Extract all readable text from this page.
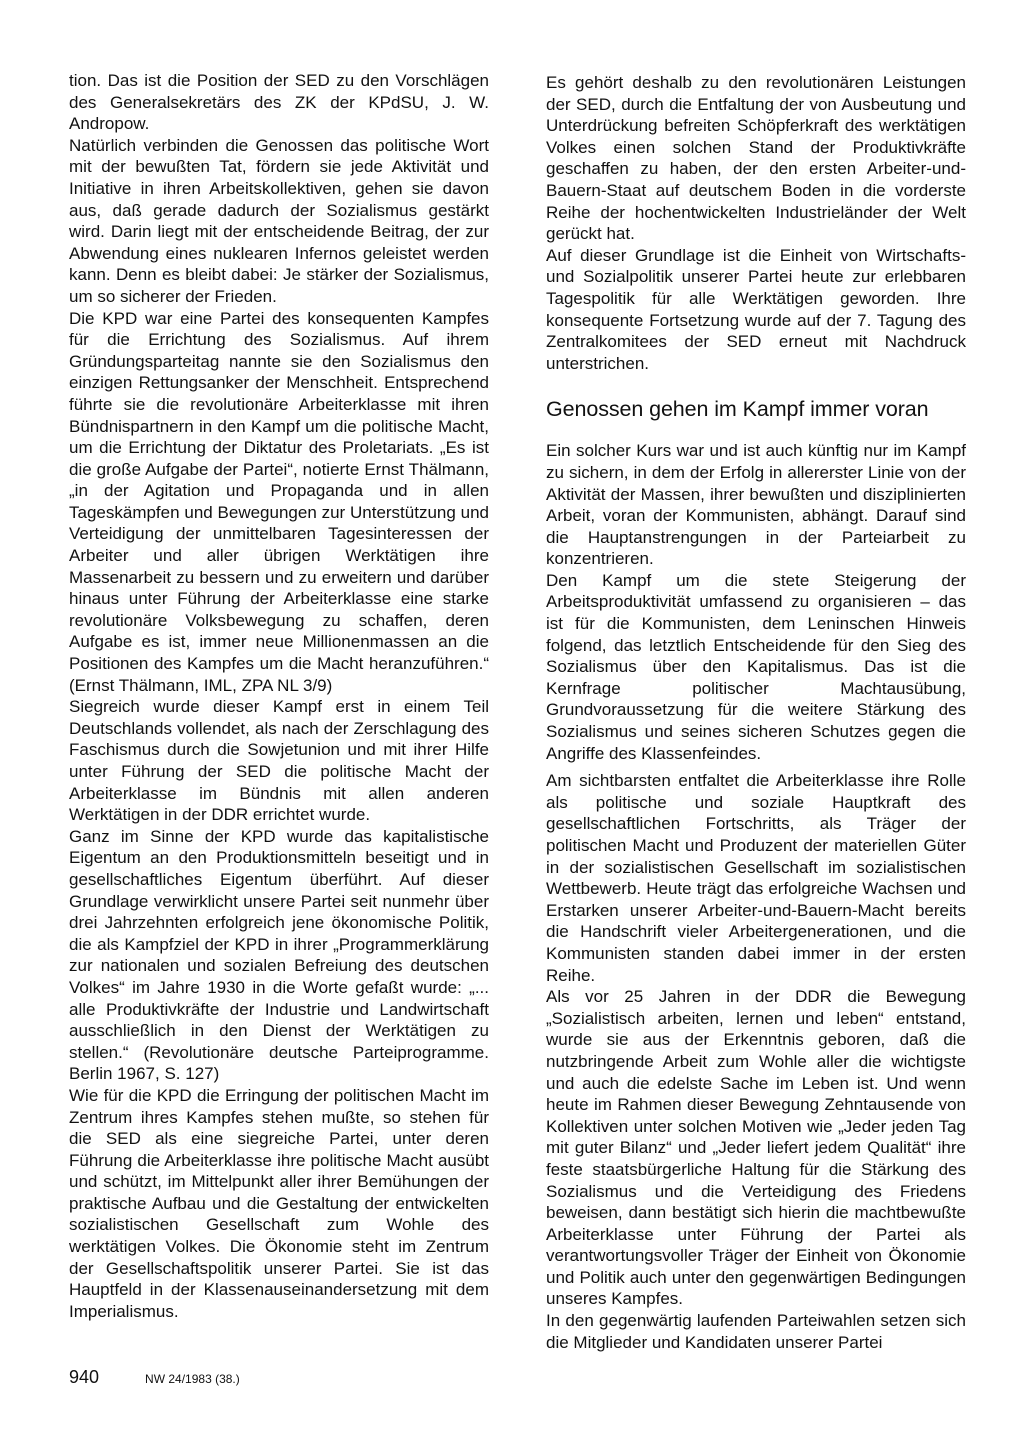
tion. Das ist die Position der SED zu den Vorschlägen des Generalsekretärs des ZK der KPdSU, J. W. Andropow.

Natürlich verbinden die Genossen das politische Wort mit der bewußten Tat, fördern sie jede Aktivität und Initiative in ihren Arbeitskollektiven, gehen sie davon aus, daß gerade dadurch der Sozialismus gestärkt wird. Darin liegt mit der entscheidende Beitrag, der zur Abwendung eines nuklearen Infernos geleistet werden kann. Denn es bleibt dabei: Je stärker der Sozialismus, um so sicherer der Frieden.

Die KPD war eine Partei des konsequenten Kampfes für die Errichtung des Sozialismus. Auf ihrem Gründungsparteitag nannte sie den Sozialismus den einzigen Rettungsanker der Menschheit. Entsprechend führte sie die revolutionäre Arbeiterklasse mit ihren Bündnispartnern in den Kampf um die politische Macht, um die Errichtung der Diktatur des Proletariats. „Es ist die große Aufgabe der Partei“, notierte Ernst Thälmann, „in der Agitation und Propaganda und in allen Tageskämpfen und Bewegungen zur Unterstützung und Verteidigung der unmittelbaren Tagesinteressen der Arbeiter und aller übrigen Werktätigen ihre Massenarbeit zu bessern und zu erweitern und darüber hinaus unter Führung der Arbeiterklasse eine starke revolutionäre Volksbewegung zu schaffen, deren Aufgabe es ist, immer neue Millionenmassen an die Positionen des Kampfes um die Macht heranzuführen.“ (Ernst Thälmann, IML, ZPA NL 3/9)

Siegreich wurde dieser Kampf erst in einem Teil Deutschlands vollendet, als nach der Zerschlagung des Faschismus durch die Sowjetunion und mit ihrer Hilfe unter Führung der SED die politische Macht der Arbeiterklasse im Bündnis mit allen anderen Werktätigen in der DDR errichtet wurde.

Ganz im Sinne der KPD wurde das kapitalistische Eigentum an den Produktionsmitteln beseitigt und in gesellschaftliches Eigentum überführt. Auf dieser Grundlage verwirklicht unsere Partei seit nunmehr über drei Jahrzehnten erfolgreich jene ökonomische Politik, die als Kampfziel der KPD in ihrer „Programmerklärung zur nationalen und sozialen Befreiung des deutschen Volkes“ im Jahre 1930 in die Worte gefaßt wurde: „... alle Produktivkräfte der Industrie und Landwirtschaft ausschließlich in den Dienst der Werktätigen zu stellen.“ (Revolutionäre deutsche Parteiprogramme. Berlin 1967, S. 127)

Wie für die KPD die Erringung der politischen Macht im Zentrum ihres Kampfes stehen mußte, so stehen für die SED als eine siegreiche Partei, unter deren Führung die Arbeiterklasse ihre politische Macht ausübt und schützt, im Mittelpunkt aller ihrer Bemühungen der praktische Aufbau und die Gestaltung der entwickelten sozialistischen Gesellschaft zum Wohle des werktätigen Volkes. Die Ökonomie steht im Zentrum der Gesellschaftspolitik unserer Partei. Sie ist das Hauptfeld in der Klassenauseinandersetzung mit dem Imperialismus.

Es gehört deshalb zu den revolutionären Leistungen der SED, durch die Entfaltung der von Ausbeutung und Unterdrückung befreiten Schöpferkraft des werktätigen Volkes einen solchen Stand der Produktivkräfte geschaffen zu haben, der den ersten Arbeiter-und-Bauern-Staat auf deutschem Boden in die vorderste Reihe der hochentwickelten Industrieländer der Welt gerückt hat.

Auf dieser Grundlage ist die Einheit von Wirtschafts- und Sozialpolitik unserer Partei heute zur erlebbaren Tagespolitik für alle Werktätigen geworden. Ihre konsequente Fortsetzung wurde auf der 7. Tagung des Zentralkomitees der SED erneut mit Nachdruck unterstrichen.

Genossen gehen im Kampf immer voran

Ein solcher Kurs war und ist auch künftig nur im Kampf zu sichern, in dem der Erfolg in allererster Linie von der Aktivität der Massen, ihrer bewußten und disziplinierten Arbeit, voran der Kommunisten, abhängt. Darauf sind die Hauptanstrengungen in der Parteiarbeit zu konzentrieren.

Den Kampf um die stete Steigerung der Arbeitsproduktivität umfassend zu organisieren – das ist für die Kommunisten, dem Leninschen Hinweis folgend, das letztlich Entscheidende für den Sieg des Sozialismus über den Kapitalismus. Das ist die Kernfrage politischer Machtausübung, Grundvoraussetzung für die weitere Stärkung des Sozialismus und seines sicheren Schutzes gegen die Angriffe des Klassenfeindes.

Am sichtbarsten entfaltet die Arbeiterklasse ihre Rolle als politische und soziale Hauptkraft des gesellschaftlichen Fortschritts, als Träger der politischen Macht und Produzent der materiellen Güter in der sozialistischen Gesellschaft im sozialistischen Wettbewerb. Heute trägt das erfolgreiche Wachsen und Erstarken unserer Arbeiter-und-Bauern-Macht bereits die Handschrift vieler Arbeitergenerationen, und die Kommunisten standen dabei immer in der ersten Reihe.

Als vor 25 Jahren in der DDR die Bewegung „Sozialistisch arbeiten, lernen und leben“ entstand, wurde sie aus der Erkenntnis geboren, daß die nutzbringende Arbeit zum Wohle aller die wichtigste und auch die edelste Sache im Leben ist. Und wenn heute im Rahmen dieser Bewegung Zehntausende von Kollektiven unter solchen Motiven wie „Jeder jeden Tag mit guter Bilanz“ und „Jeder liefert jedem Qualität“ ihre feste staatsbürgerliche Haltung für die Stärkung des Sozialismus und die Verteidigung des Friedens beweisen, dann bestätigt sich hierin die machtbewußte Arbeiterklasse unter Führung der Partei als verantwortungsvoller Träger der Einheit von Ökonomie und Politik auch unter den gegenwärtigen Bedingungen unseres Kampfes.

In den gegenwärtig laufenden Parteiwahlen setzen sich die Mitglieder und Kandidaten unserer Partei

940	NW 24/1983 (38.)
